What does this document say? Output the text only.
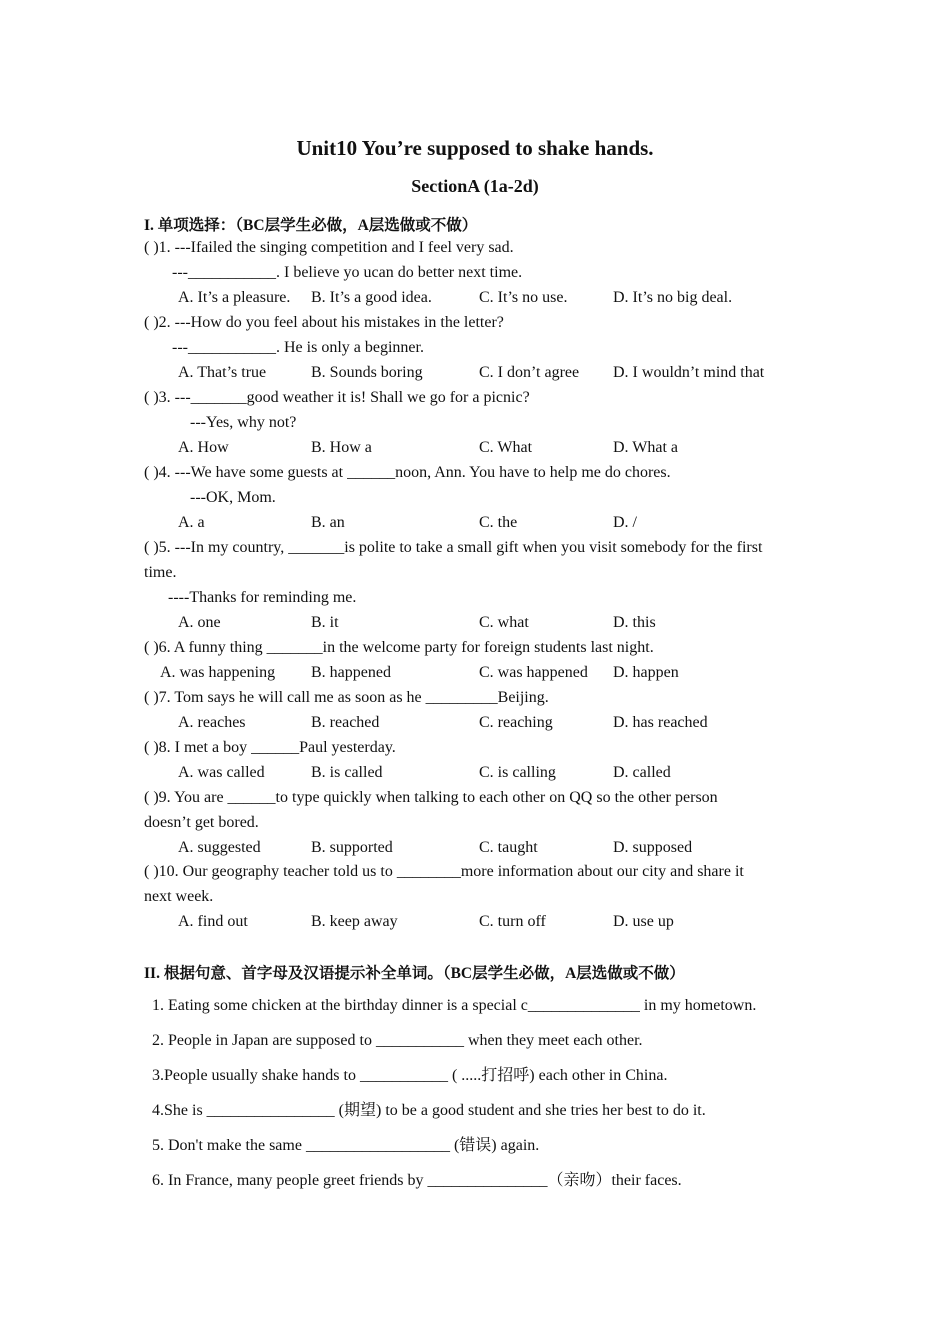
Unit10 You’re supposed to shake hands.
SectionA (1a-2d)
I. 单项选择：（BC层学生必做，A层选做或不做）
( )1. ---Ifailed the singing competition and I feel very sad.
---___________. I believe yo ucan do better next time.
A. It’s a pleasure. B. It’s a good idea.	C. It’s no use.	D. It’s no big deal.
( )2. ---How do you feel about his mistakes in the letter?
---___________. He is only a beginner.
A. That’s true	B. Sounds boring	C. I don’t agree D. I wouldn’t mind that
( )3. ---_______good weather it is! Shall we go for a picnic?
---Yes, why not?
A. How	B. How a	C. What	D. What a
( )4. ---We have some guests at ______noon, Ann. You have to help me do chores.
---OK, Mom.
A. a	B. an	C. the	D. /
( )5. ---In my country, _______is polite to take a small gift when you visit somebody for the first
time.
----Thanks for reminding me.
A. one	B. it	C. what	D. this
( )6. A funny thing _______in the welcome party for foreign students last night.
A. was happening B. happened	C. was happened D. happen
( )7. Tom says he will call me as soon as he _________Beijing.
A. reaches	B. reached	C. reaching	D. has reached
( )8. I met a boy ______Paul yesterday.
A. was called	B. is called	C. is calling	D. called
( )9. You are ______to type quickly when talking to each other on QQ so the other person
doesn’t get bored.
A. suggested	B. supported	C. taught	D. supposed
( )10. Our geography teacher told us to ________more information about our city and share it
next week.
A. find out	B. keep away	C. turn off	D. use up
II. 根据句意、首字母及汉语提示补全单词。（BC层学生必做，A层选做或不做）
1. Eating some chicken at the birthday dinner is a special c______________ in my hometown.
2. People in Japan are supposed to ___________ when they meet each other.
3.People usually shake hands to ___________ ( .....打招呼) each other in China.
4.She is ________________ (期望) to be a good student and she tries her best to do it.
5. Don't make the same __________________ (错误) again.
6. In France, many people greet friends by _______________（亲吻）their faces.
